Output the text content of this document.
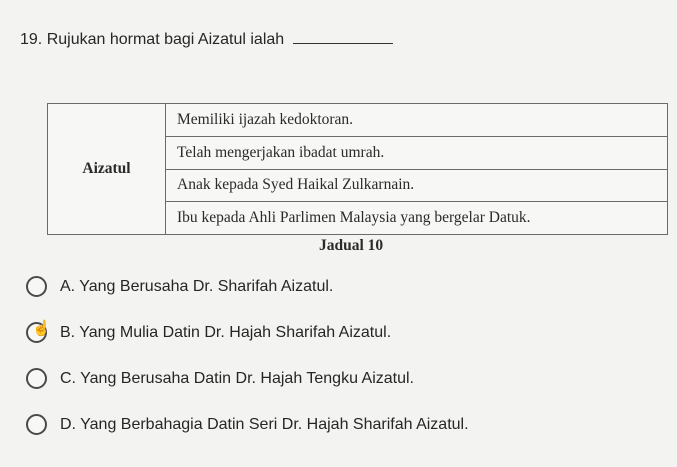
19. Rujukan hormat bagi Aizatul ialah
Aizatul	Memiliki ijazah kedoktoran.
Telah mengerjakan ibadat umrah.
Anak kepada Syed Haikal Zulkarnain.
Ibu kepada Ahli Parlimen Malaysia yang bergelar Datuk.
Jadual 10
A. Yang Berusaha Dr. Sharifah Aizatul.
☝ B. Yang Mulia Datin Dr. Hajah Sharifah Aizatul.
C. Yang Berusaha Datin Dr. Hajah Tengku Aizatul.
D. Yang Berbahagia Datin Seri Dr. Hajah Sharifah Aizatul.
